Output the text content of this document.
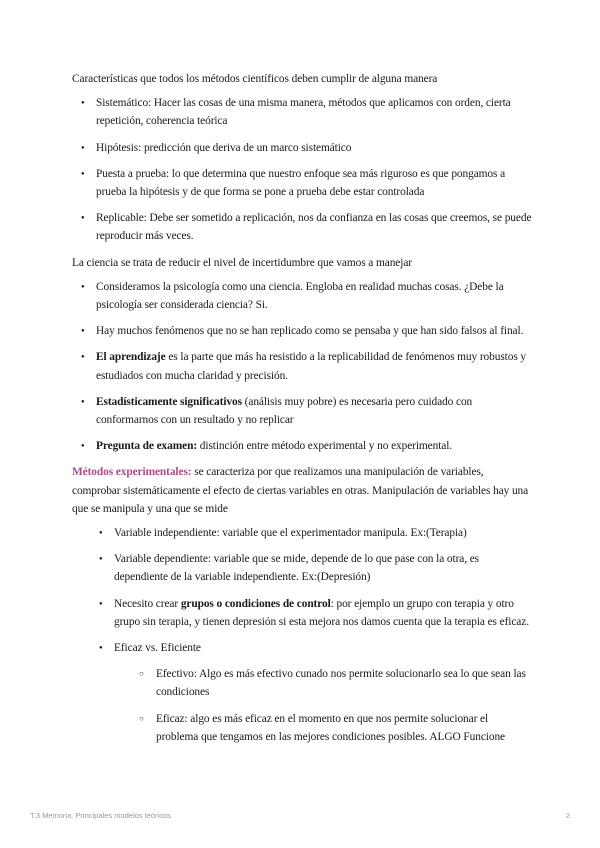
Características que todos los métodos científicos deben cumplir de alguna manera

● Sistemático: Hacer las cosas de una misma manera, métodos que aplicamos con orden, cierta repetición, coherencia teórica
● Hipótesis: predicción que deriva de un marco sistemático
● Puesta a prueba: lo que determina que nuestro enfoque sea más riguroso es que pongamos a prueba la hipótesis y de que forma se pone a prueba debe estar controlada
● Replicable: Debe ser sometido a replicación, nos da confianza en las cosas que creemos, se puede reproducir más veces.

La ciencia se trata de reducir el nivel de incertidumbre que vamos a manejar

● Consideramos la psicología como una ciencia. Engloba en realidad muchas cosas. ¿Debe la psicología ser considerada ciencia? Si.
● Hay muchos fenómenos que no se han replicado como se pensaba y que han sido falsos al final.
● El aprendizaje es la parte que más ha resistido a la replicabilidad de fenómenos muy robustos y estudiados con mucha claridad y precisión.
● Estadísticamente significativos (análisis muy pobre) es necesaria pero cuidado con conformarnos con un resultado y no replicar
● Pregunta de examen: distinción entre método experimental y no experimental.

Métodos experimentales: se caracteriza por que realizamos una manipulación de variables, comprobar sistemáticamente el efecto de ciertas variables en otras. Manipulación de variables hay una que se manipula y una que se mide

● Variable independiente: variable que el experimentador manipula. Ex:(Terapia)
● Variable dependiente: variable que se mide, depende de lo que pase con la otra, es dependiente de la variable independiente. Ex:(Depresión)
● Necesito crear grupos o condiciones de control: por ejemplo un grupo con terapia y otro grupo sin terapia, y tienen depresión si esta mejora nos damos cuenta que la terapia es eficaz.
● Eficaz vs. Eficiente
○ Efectivo: Algo es más efectivo cunado nos permite solucionarlo sea lo que sean las condiciones
○ Eficaz: algo es más eficaz en el momento en que nos permite solucionar el problema que tengamos en las mejores condiciones posibles. ALGO Funcione
T.3 Memoria. Principales modelos teóricos	2
